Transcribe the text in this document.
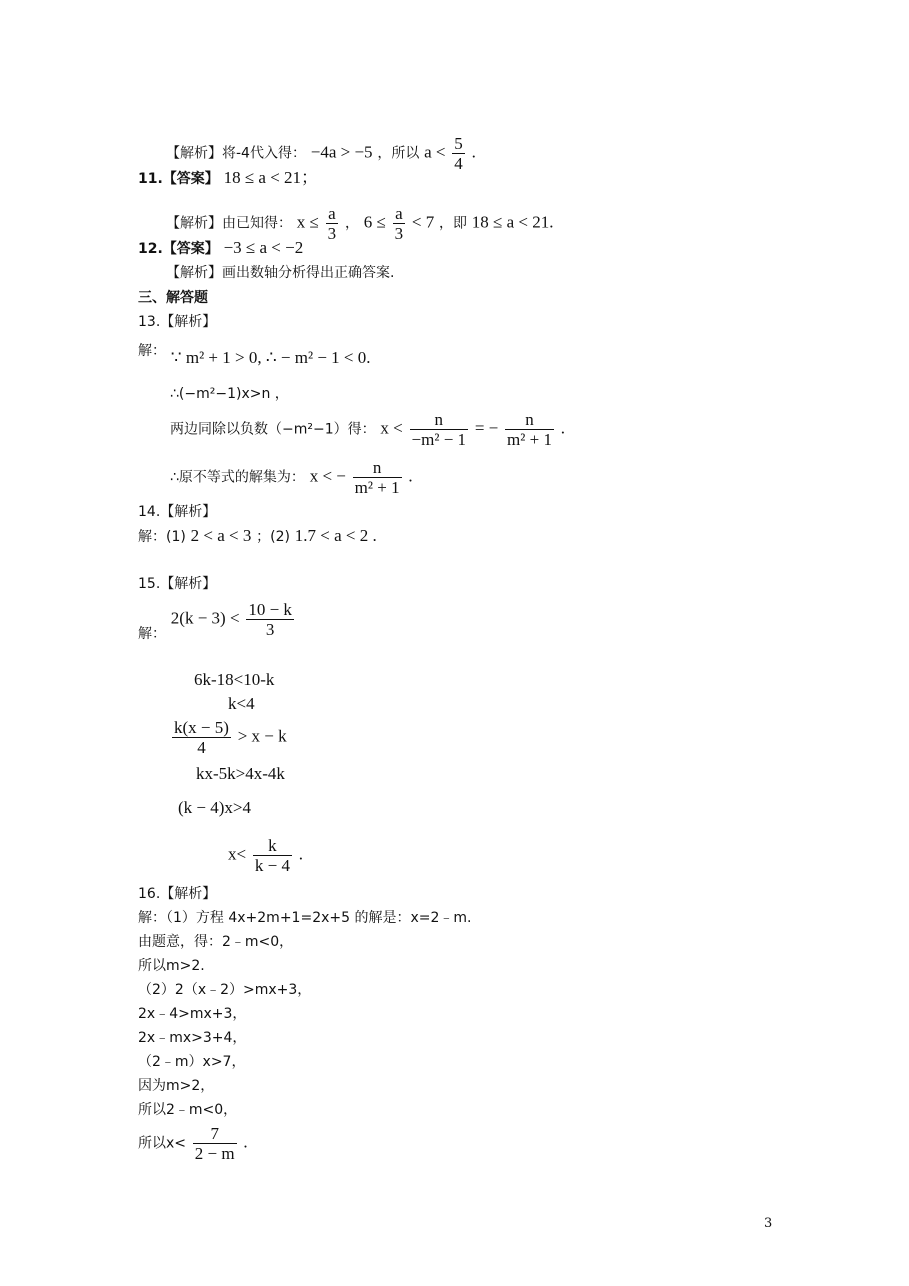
【解析】将-4代入得： −4a > −5 ，所以 $a < \frac{5}{4}$ .
11.【答案】 18 ≤ a < 21；
【解析】由已知得： $x \le \frac{a}{3}$ ， $6 \le \frac{a}{3} < 7$ ，即 18 ≤ a < 21.
12.【答案】 −3 ≤ a < −2
【解析】画出数轴分析得出正确答案.
三、解答题
13.【解析】
解： ∵ m² + 1 > 0, ∴ − m² − 1 < 0.
∴(−m²−1)x>n ，
两边同除以负数（−m²−1）得： $x < \frac{n}{\text{−m² − 1}}$ = − $\frac{n}{\text{m² + 1}}$ .
∴原不等式的解集为： x < − $\frac{n}{\text{m² + 1}}$ .
14.【解析】
解：(1) 2 < a < 3 ；(2) 1.7 < a < 2 .
15.【解析】
解： $2(k - 3) < \frac{10 - k}{3}$
6k-18<10-k
k<4
$\frac{k(x - 5)}{4} > x - k$
kx-5k>4x-4k
(k − 4)x>4
$x< \frac{k}{k - 4}$ .
16.【解析】
解：（1）方程 4x+2m+1=2x+5 的解是：x=2﹣m.
由题意，得：2﹣m<0，
所以m>2.
（2）2（x﹣2）>mx+3，
2x﹣4>mx+3，
2x﹣mx>3+4，
（2﹣m）x>7，
因为m>2，
所以2﹣m<0，
所以$x< \frac{7}{2 - m}$ .
3
